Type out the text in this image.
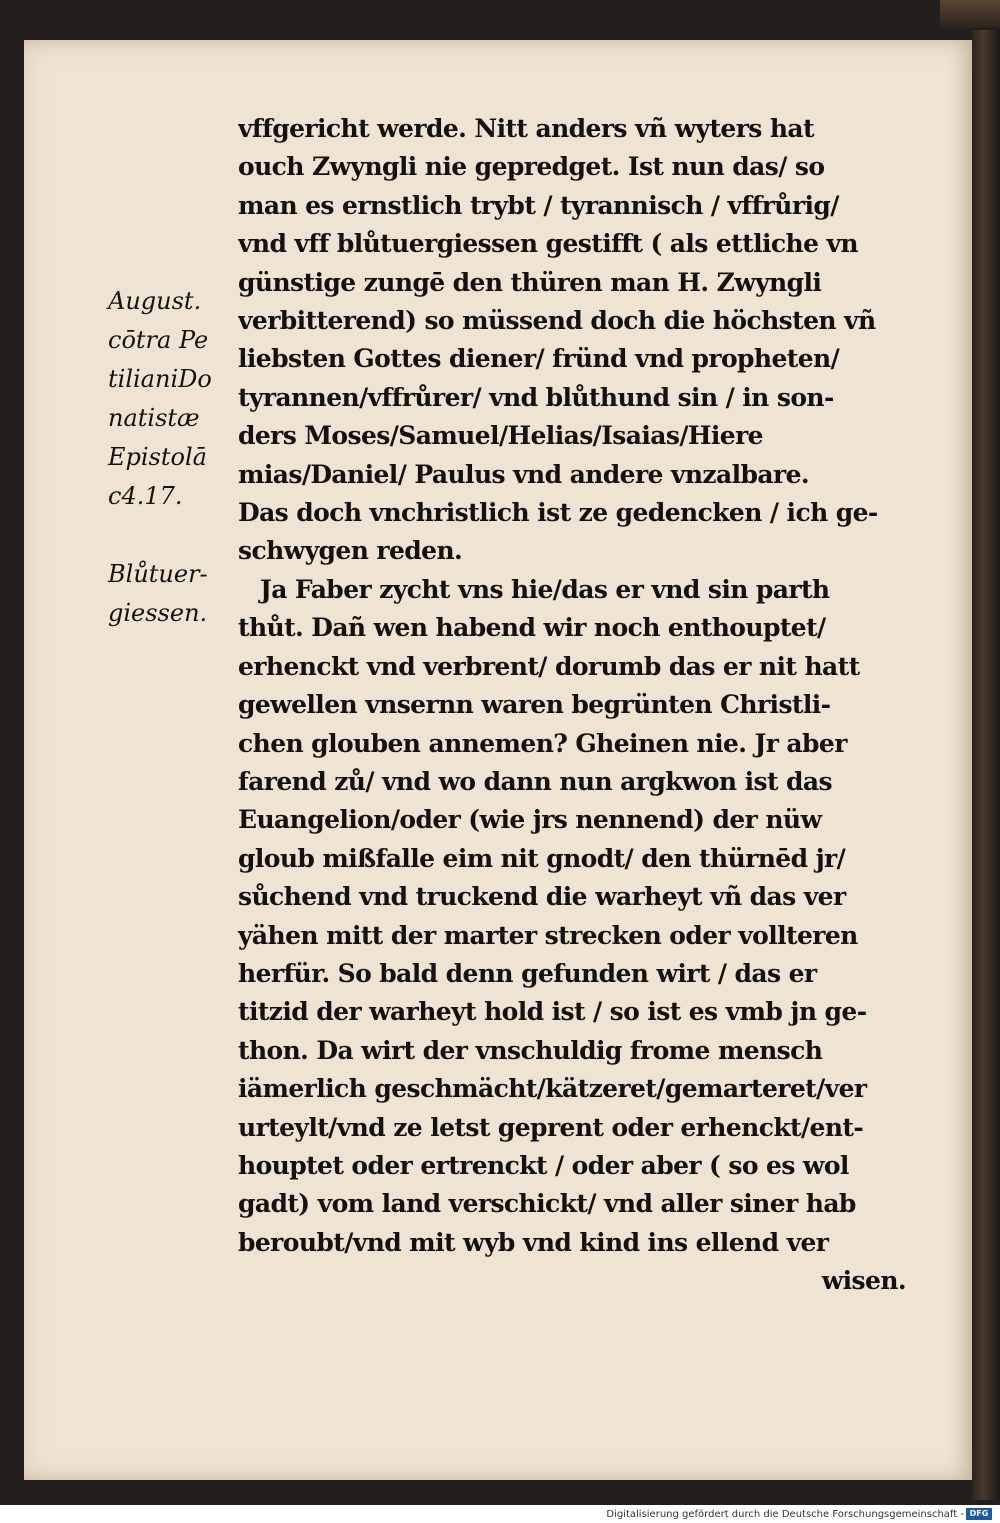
August.
cōtra Pe
tilianiDo
natistæ
Epistolā
c4.17.
Blůtuer-
giessen.
vffgericht werde. Nitt anders vñ wyters hat
ouch Zwyngli nie gepredget. Ist nun das/ so
man es ernstlich trybt / tyrannisch / vffrůrig/
vnd vff blůtuergiessen gestifft ( als ettliche vn
günstige zungē den thüren man H. Zwyngli
verbitterend) so müssend doch die höchsten vñ
liebsten Gottes diener/ fründ vnd propheten/
tyrannen/vffrůrer/ vnd blůthund sin / in son-
ders Moses/Samuel/Helias/Isaias/Hiere
mias/Daniel/ Paulus vnd andere vnzalbare.
Das doch vnchristlich ist ze gedencken / ich ge-
schwygen reden.
Ja Faber zycht vns hie/das er vnd sin parth
thůt. Dañ wen habend wir noch enthouptet/
erhenckt vnd verbrent/ dorumb das er nit hatt
gewellen vnsernn waren begrünten Christli-
chen glouben annemen? Gheinen nie. Jr aber
farend zů/ vnd wo dann nun argkwon ist das
Euangelion/oder (wie jrs nennend) der nüw
gloub mißfalle eim nit gnodt/ den thürnēd jr/
sůchend vnd truckend die warheyt vñ das ver
yähen mitt der marter strecken oder vollteren
herfür. So bald denn gefunden wirt / das er
titzid der warheyt hold ist / so ist es vmb jn ge-
thon. Da wirt der vnschuldig frome mensch
iämerlich geschmächt/kätzeret/gemarteret/ver
urteylt/vnd ze letst geprent oder erhenckt/ent-
houptet oder ertrenckt / oder aber ( so es wol
gadt) vom land verschickt/ vnd aller siner hab
beroubt/vnd mit wyb vnd kind ins ellend ver
wisen.
Digitalisierung gefördert durch die Deutsche Forschungsgemeinschaft - DFG
